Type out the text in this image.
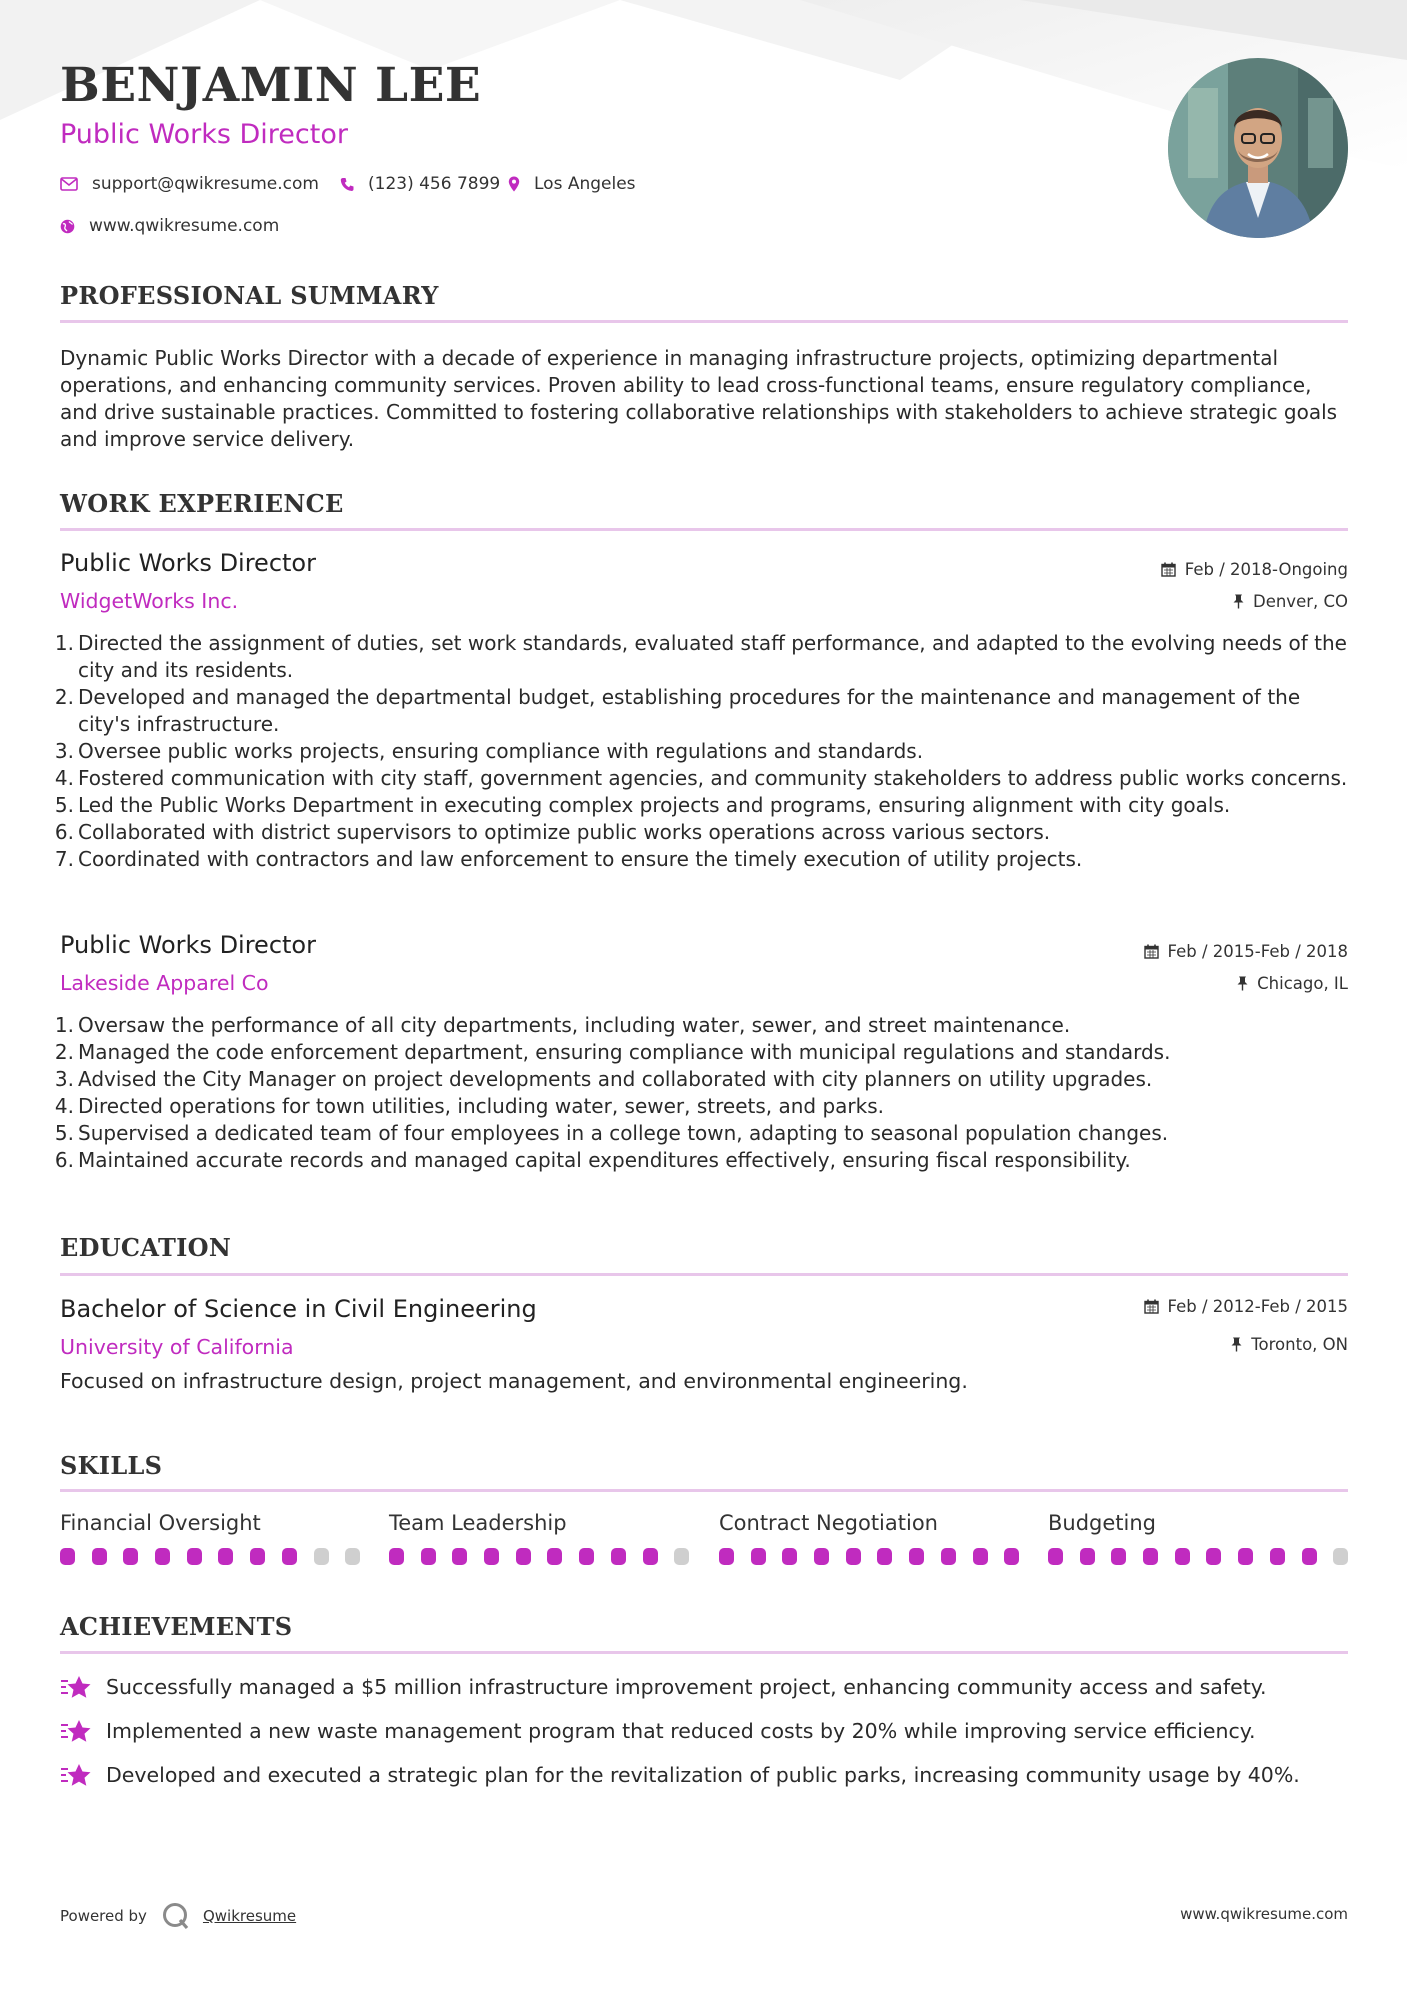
BENJAMIN LEE
Public Works Director
support@qwikresume.com	(123) 456 7899 Los Angeles
www.qwikresume.com
PROFESSIONAL SUMMARY
Dynamic Public Works Director with a decade of experience in managing infrastructure projects, optimizing departmental operations, and enhancing community services. Proven ability to lead cross-functional teams, ensure regulatory compliance, and drive sustainable practices. Committed to fostering collaborative relationships with stakeholders to achieve strategic goals and improve service delivery.
WORK EXPERIENCE
Public Works Director
WidgetWorks Inc.
Feb / 2018-Ongoing
Denver, CO
1. Directed the assignment of duties, set work standards, evaluated staff performance, and adapted to the evolving needs of the city and its residents.
2. Developed and managed the departmental budget, establishing procedures for the maintenance and management of the city's infrastructure.
3. Oversee public works projects, ensuring compliance with regulations and standards.
4. Fostered communication with city staff, government agencies, and community stakeholders to address public works concerns.
5. Led the Public Works Department in executing complex projects and programs, ensuring alignment with city goals.
6. Collaborated with district supervisors to optimize public works operations across various sectors.
7. Coordinated with contractors and law enforcement to ensure the timely execution of utility projects.
Public Works Director
Lakeside Apparel Co
Feb / 2015-Feb / 2018
Chicago, IL
1. Oversaw the performance of all city departments, including water, sewer, and street maintenance.
2. Managed the code enforcement department, ensuring compliance with municipal regulations and standards.
3. Advised the City Manager on project developments and collaborated with city planners on utility upgrades.
4. Directed operations for town utilities, including water, sewer, streets, and parks.
5. Supervised a dedicated team of four employees in a college town, adapting to seasonal population changes.
6. Maintained accurate records and managed capital expenditures effectively, ensuring fiscal responsibility.
EDUCATION
Bachelor of Science in Civil Engineering
University of California
Feb / 2012-Feb / 2015
Toronto, ON
Focused on infrastructure design, project management, and environmental engineering.
SKILLS
Financial Oversight	Team Leadership	Contract Negotiation	Budgeting
ACHIEVEMENTS
Successfully managed a $5 million infrastructure improvement project, enhancing community access and safety.
Implemented a new waste management program that reduced costs by 20% while improving service efficiency.
Developed and executed a strategic plan for the revitalization of public parks, increasing community usage by 40%.
Powered by	Qwikresume	www.qwikresume.com
